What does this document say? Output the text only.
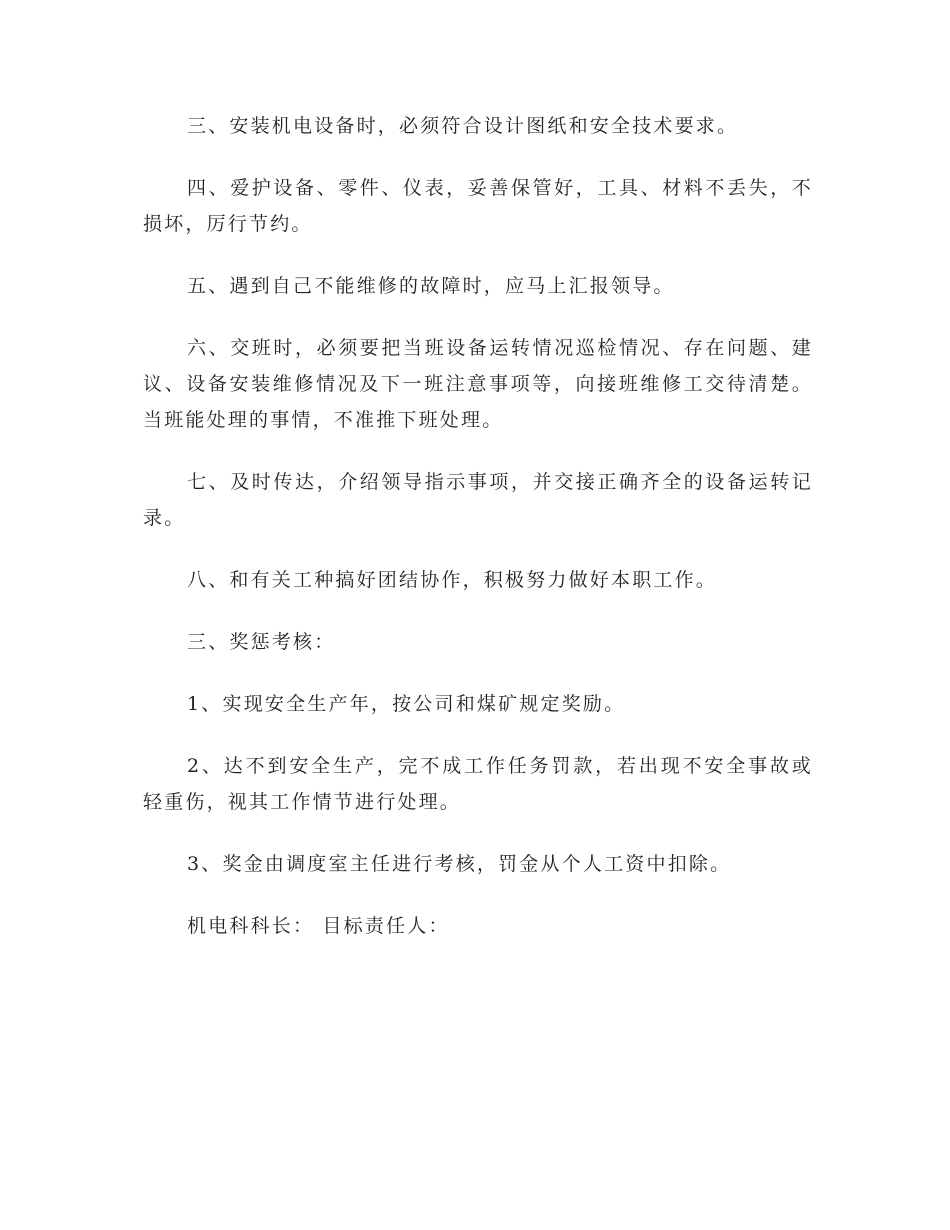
三、安装机电设备时，必须符合设计图纸和安全技术要求。

四、爱护设备、零件、仪表，妥善保管好，工具、材料不丢失，不损坏，厉行节约。

五、遇到自己不能维修的故障时，应马上汇报领导。

六、交班时，必须要把当班设备运转情况巡检情况、存在问题、建议、设备安装维修情况及下一班注意事项等，向接班维修工交待清楚。当班能处理的事情，不准推下班处理。

七、及时传达，介绍领导指示事项，并交接正确齐全的设备运转记录。

八、和有关工种搞好团结协作，积极努力做好本职工作。

三、奖惩考核：

1、实现安全生产年，按公司和煤矿规定奖励。

2、达不到安全生产，完不成工作任务罚款，若出现不安全事故或轻重伤，视其工作情节进行处理。

3、奖金由调度室主任进行考核，罚金从个人工资中扣除。

机电科科长： 目标责任人：
